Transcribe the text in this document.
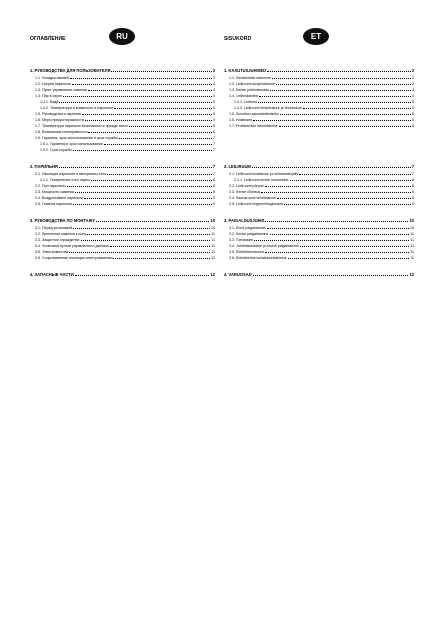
ОГЛАВЛЕНИЕ	RU
1. РУКОВОДСТВА ДЛЯ ПОЛЬЗОВАТЕЛЯ	3
1.1. Укладка камней	3
1.2. Нагрев парильни	4
1.3. Пульт управления каменки	4
1.4. Пар в сауне	4
1.4.1. Вода	5
1.4.2. Температура и влажность в парильне	5
1.5. Руководства к парению	5
1.6. Меры предосторожности	5
1.7. Температура парильни Безопасность прежде всего	6
1.8. Возможные неисправности	6
1.9. Гарантия, срок использования и срок службы	7
1.9.1. Гарантия и срок использования	7
1.9.2. Срок службы	7
2. ПАРИЛЬНЯ	7
2.1. Изоляция парильни и материалы стен	7
2.1.1. Почернение стен сауны	8
2.2. Пол парильни	8
2.3. Мощность каменки	8
2.4. Воздухообмен парильни	9
2.5. Гигиена парильни	9
3. РУКОВОДСТВА ПО МОНТАЖУ	10
3.1. Перед установкой	10
3.2. Крепление каменки к полу	11
3.3. Защитное ограждение	11
3.4. Установка пульта управления и датчика	11
3.5. Электромонтаж	11
3.6. Сопротивление изоляции электрокаменки	12
4. ЗАПАСНЫЕ ЧАСТИ	12
SISUKORD	ET
1. KASUTUSJUHISED	3
1.1. Kerisekivide ladumine	3
1.2. Leiliruumi soojendamine	3
1.3. Kerise juhtimisseade	4
1.4. Leiliviskamine	4
1.4.1. Leilivesi	5
1.4.2. Leiliruumi temperatuur ja õhuniiskus	5
1.5. Soovitusi saunaskäimiseks	5
1.6. Hoiatused	5
1.7. Probleemide lahendamine	6
2. LEILIRUUM	7
2.1. Leiliruumi isolatsioon ja seinamaterjalid	7
2.1.1. Leiliruumi seinte mustumine	8
2.2. Leiliruumi põrand	8
2.3. Kerise võimsus	8
2.4. Saunaruumi ventilatsioon	9
2.5. Leiliruumi hügieenitingimused	9
3. PAIGALDUSJUHIS	10
3.1. Enne paigaldamist	10
3.2. Kerise paigaldamine	11
3.3. Turvaraam	11
3.4. Juhtimisseadme ja anduri paigaldamine	11
3.5. Elektriühendused	11
3.6. Elektrikerise isolatsioonitakistus	11
4. VARUOSAD	12
